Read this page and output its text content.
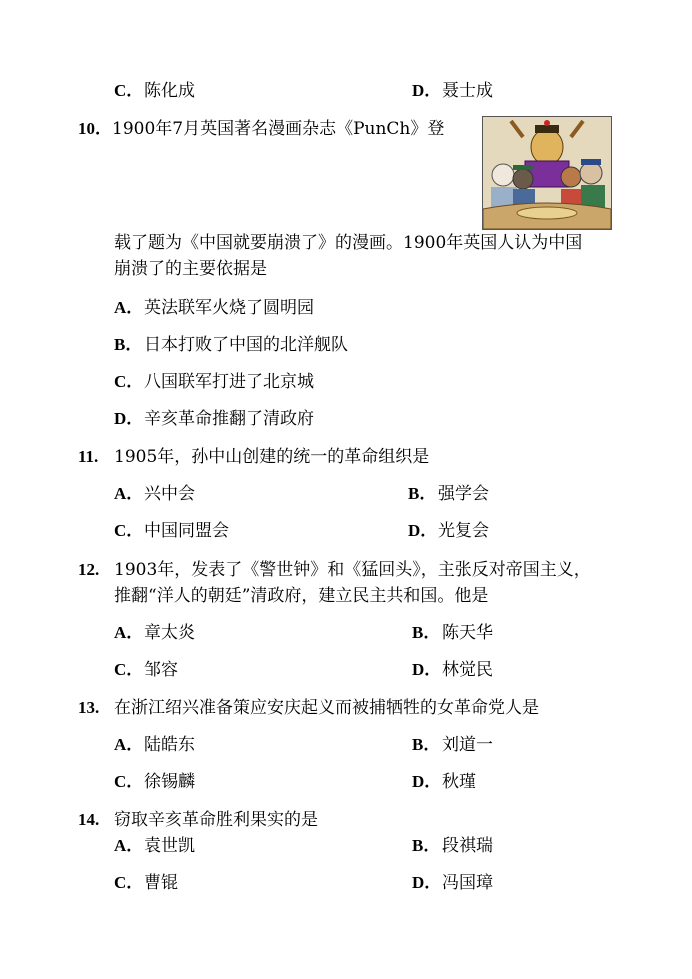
C．陈化成	D．聂士成
10．1900年7月英国著名漫画杂志《PunCh》登
载了题为《中国就要崩溃了》的漫画。1900年英国人认为中国
崩溃了的主要依据是
A．英法联军火烧了圆明园
B．日本打败了中国的北洋舰队
C．八国联军打进了北京城
D．辛亥革命推翻了清政府
11. 1905年，孙中山创建的统一的革命组织是
A．兴中会	B．强学会
C．中国同盟会	D．光复会
12. 1903年，发表了《警世钟》和《猛回头》，主张反对帝国主义，
推翻“洋人的朝廷”清政府，建立民主共和国。他是
A．章太炎	B．陈天华
C．邹容	D．林觉民
13. 在浙江绍兴准备策应安庆起义而被捕牺牲的女革命党人是
A．陆皓东	B．刘道一
C．徐锡麟	D．秋瑾
14. 窃取辛亥革命胜利果实的是
A．袁世凯	B．段祺瑞
C．曹锟	D．冯国璋
